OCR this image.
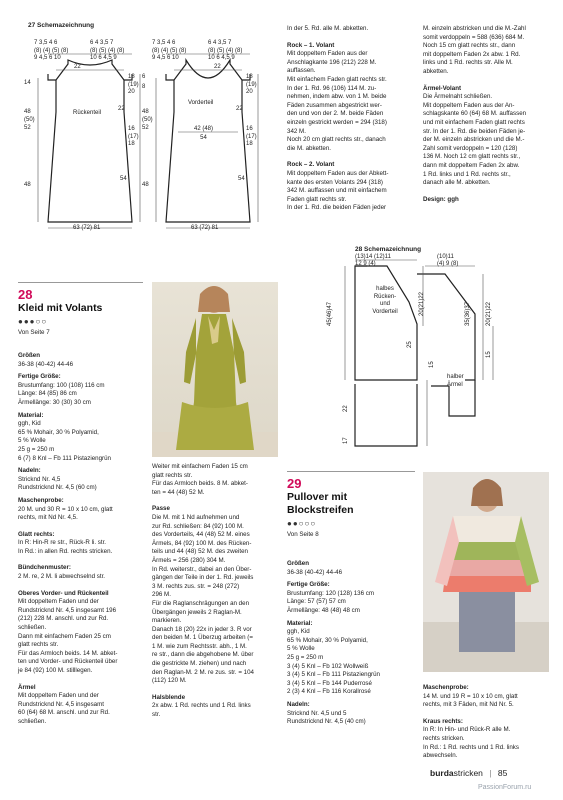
27 Schemazeichnung
7 3,5 4 6
(8) (4) (5) (8)
9 4,5 6 10
6 4 3,5 7
(8) (5) (4) (8)
10 6 4,5 9
22
14
48
(50)
52
48
Rückenteil
18
(19)
20
22
16
(17)
18
54
63 (72) 81
7 3,5 4 6
(8) (4) (5) (8)
9 4,5 6 10
6 4 3,5 7
(8) (5) (4) (8)
10 6 4,5 9
22
6
8
48
(50)
52
48
Vorderteil
42 (48)
54
18
(19)
20
22
16
(17)
18
54
63 (72) 81
In der 5. Rd. alle M. abketten.
Rock – 1. Volant
Mit doppeltem Faden aus der
Anschlagkante 196 (212) 228 M.
auffassen.
Mit einfachem Faden glatt rechts str.
In der 1. Rd. 96 (106) 114 M. zu-
nehmen, indem abw. von 1 M. beide
Fäden zusammen abgestrickt wer-
den und von der 2. M. beide Fäden
einzeln gestrickt werden = 294 (318)
342 M.
Noch 20 cm glatt rechts str., danach
die M. abketten.
Rock – 2. Volant
Mit doppeltem Faden aus der Abkett-
kante des ersten Volants 294 (318)
342 M. auffassen und mit einfachem
Faden glatt rechts str.
In der 1. Rd. die beiden Fäden jeder
M. einzeln abstricken und die M.-Zahl
somit verdoppeln = 588 (636) 684 M.
Noch 15 cm glatt rechts str., dann
mit doppeltem Faden 2x abw. 1 Rd.
links und 1 Rd. rechts str. Alle M.
abketten.
Ärmel-Volant
Die Ärmelnaht schließen.
Mit doppeltem Faden aus der An-
schlagskante 60 (64) 68 M. auffassen
und mit einfachem Faden glatt rechts
str. In der 1. Rd. die beiden Fäden je-
der M. einzeln abstricken und die M.-
Zahl somit verdoppeln = 120 (128)
136 M. Noch 12 cm glatt rechts str.,
dann mit doppeltem Faden 2x abw.
1 Rd. links und 1 Rd. rechts str.,
danach alle M. abketten.
Design: ggh
28
Kleid mit Volants
●●●○○
Von Seite 7
Größen
36-38 (40-42) 44-46
Fertige Größe:
Brustumfang: 100 (108) 116 cm
Länge: 84 (85) 86 cm
Ärmellänge: 30 (30) 30 cm
Material:
ggh, Kid
65 % Mohair, 30 % Polyamid,
5 % Wolle
25 g = 250 m
6 (7) 8 Knl – Fb 111 Pistaziengrün
Nadeln:
Stricknd Nr. 4,5
Rundstricknd Nr. 4,5 (60 cm)
Maschenprobe:
20 M. und 30 R = 10 x 10 cm, glatt
rechts, mit Nd Nr. 4,5.
Glatt rechts:
In R: Hin-R re str., Rück-R li. str.
In Rd.: in allen Rd. rechts stricken.
Bündchenmuster:
2 M. re, 2 M. li abwechselnd str.
Oberes Vorder- und Rückenteil
Mit doppeltem Faden und der
Rundstricknd Nr. 4,5 insgesamt 196
(212) 228 M. anschl. und zur Rd.
schließen.
Dann mit einfachem Faden 25 cm
glatt rechts str.
Für das Armloch beids. 14 M. abket-
ten und Vorder- und Rückenteil über
je 84 (92) 100 M. stilllegen.
Ärmel
Mit doppeltem Faden und der
Rundstricknd Nr. 4,5 insgesamt
60 (64) 68 M. anschl. und zur Rd.
schließen.
Weiter mit einfachem Faden 15 cm
glatt rechts str.
Für das Armloch beids. 8 M. abket-
ten = 44 (48) 52 M.
Passe
Die M. mit 1 Nd aufnehmen und
zur Rd. schließen: 84 (92) 100 M.
des Vorderteils, 44 (48) 52 M. eines
Ärmels, 84 (92) 100 M. des Rücken-
teils und 44 (48) 52 M. des zweiten
Ärmels = 256 (280) 304 M.
In Rd. weiterstr., dabei an den Über-
gängen der Teile in der 1. Rd. jeweils
3 M. rechts zus. str. = 248 (272)
296 M.
Für die Raglanschrägungen an den
Übergängen jeweils 2 Raglan-M.
markieren.
Danach 18 (20) 22x in jeder 3. R vor
den beiden M. 1 Überzug arbeiten (=
1 M. wie zum Rechtsstr. abh., 1 M.
re str., dann die abgehobene M. über
die gestrickte M. ziehen) und nach
den Raglan-M. 2 M. re zus. str. = 104
(112) 120 M.
Halsblende
2x abw. 1 Rd. rechts und 1 Rd. links
str.
28 Schemazeichnung
(13)14 (12)11
12 9 (4)
(10)11
(4) 9 (8)
halbes
Rücken-
und
Vorderteil
halber
Ärmel
45(46)47	20(21)22
25
22
17
35(36)37	20(21)22
15
15
29
Pullover mit
Blockstreifen
●●○○○
Von Seite 8
Größen
36-38 (40-42) 44-46
Fertige Größe:
Brustumfang: 120 (128) 136 cm
Länge: 57 (57) 57 cm
Ärmellänge: 48 (48) 48 cm
Material:
ggh, Kid
65 % Mohair, 30 % Polyamid,
5 % Wolle
25 g = 250 m
3 (4) 5 Knl – Fb 102 Wollweiß
3 (4) 5 Knl – Fb 111 Pistaziengrün
3 (4) 5 Knl – Fb 144 Puderrosé
2 (3) 4 Knl – Fb 116 Korallrosé
Nadeln:
Stricknd Nr. 4,5 und 5
Rundstricknd Nr. 4,5 (40 cm)
Maschenprobe:
14 M. und 19 R = 10 x 10 cm, glatt
rechts, mit 3 Fäden, mit Nd Nr. 5.
Kraus rechts:
In R: In Hin- und Rück-R alle M.
rechts stricken.
In Rd.: 1 Rd. rechts und 1 Rd. links
abwechseln.
burdastricken | 85
PassionForum.ru
